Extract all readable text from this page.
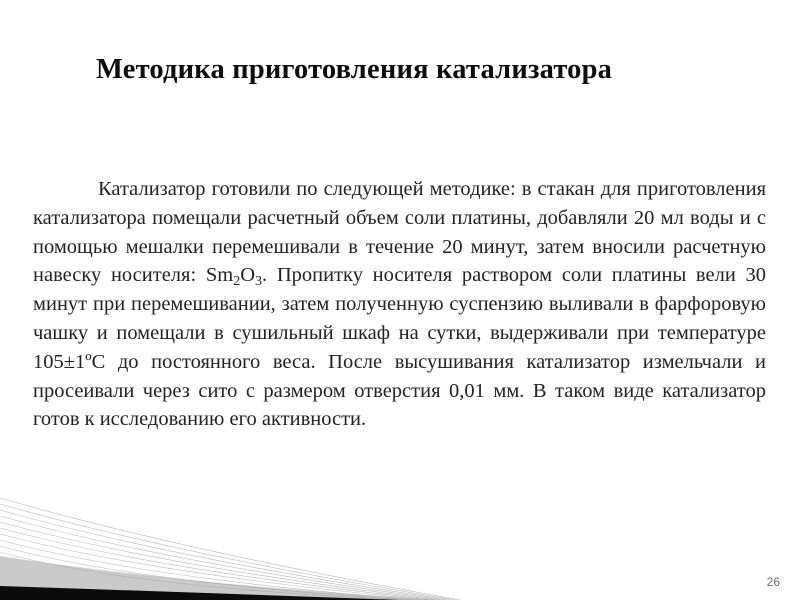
Методика приготовления катализатора

Катализатор готовили по следующей методике: в стакан для приготовления катализатора помещали расчетный объем соли платины, добавляли 20 мл воды и с помощью мешалки перемешивали в течение 20 минут, затем вносили расчетную навеску носителя: $Sm_2O_3$. Пропитку носителя раствором соли платины вели 30 минут при перемешивании, затем полученную суспензию выливали в фарфоровую чашку и помещали в сушильный шкаф на сутки, выдерживали при температуре 105±1ºС до постоянного веса. После высушивания катализатор измельчали и просеивали через сито с размером отверстия 0,01 мм. В таком виде катализатор готов к исследованию его активности.

26
